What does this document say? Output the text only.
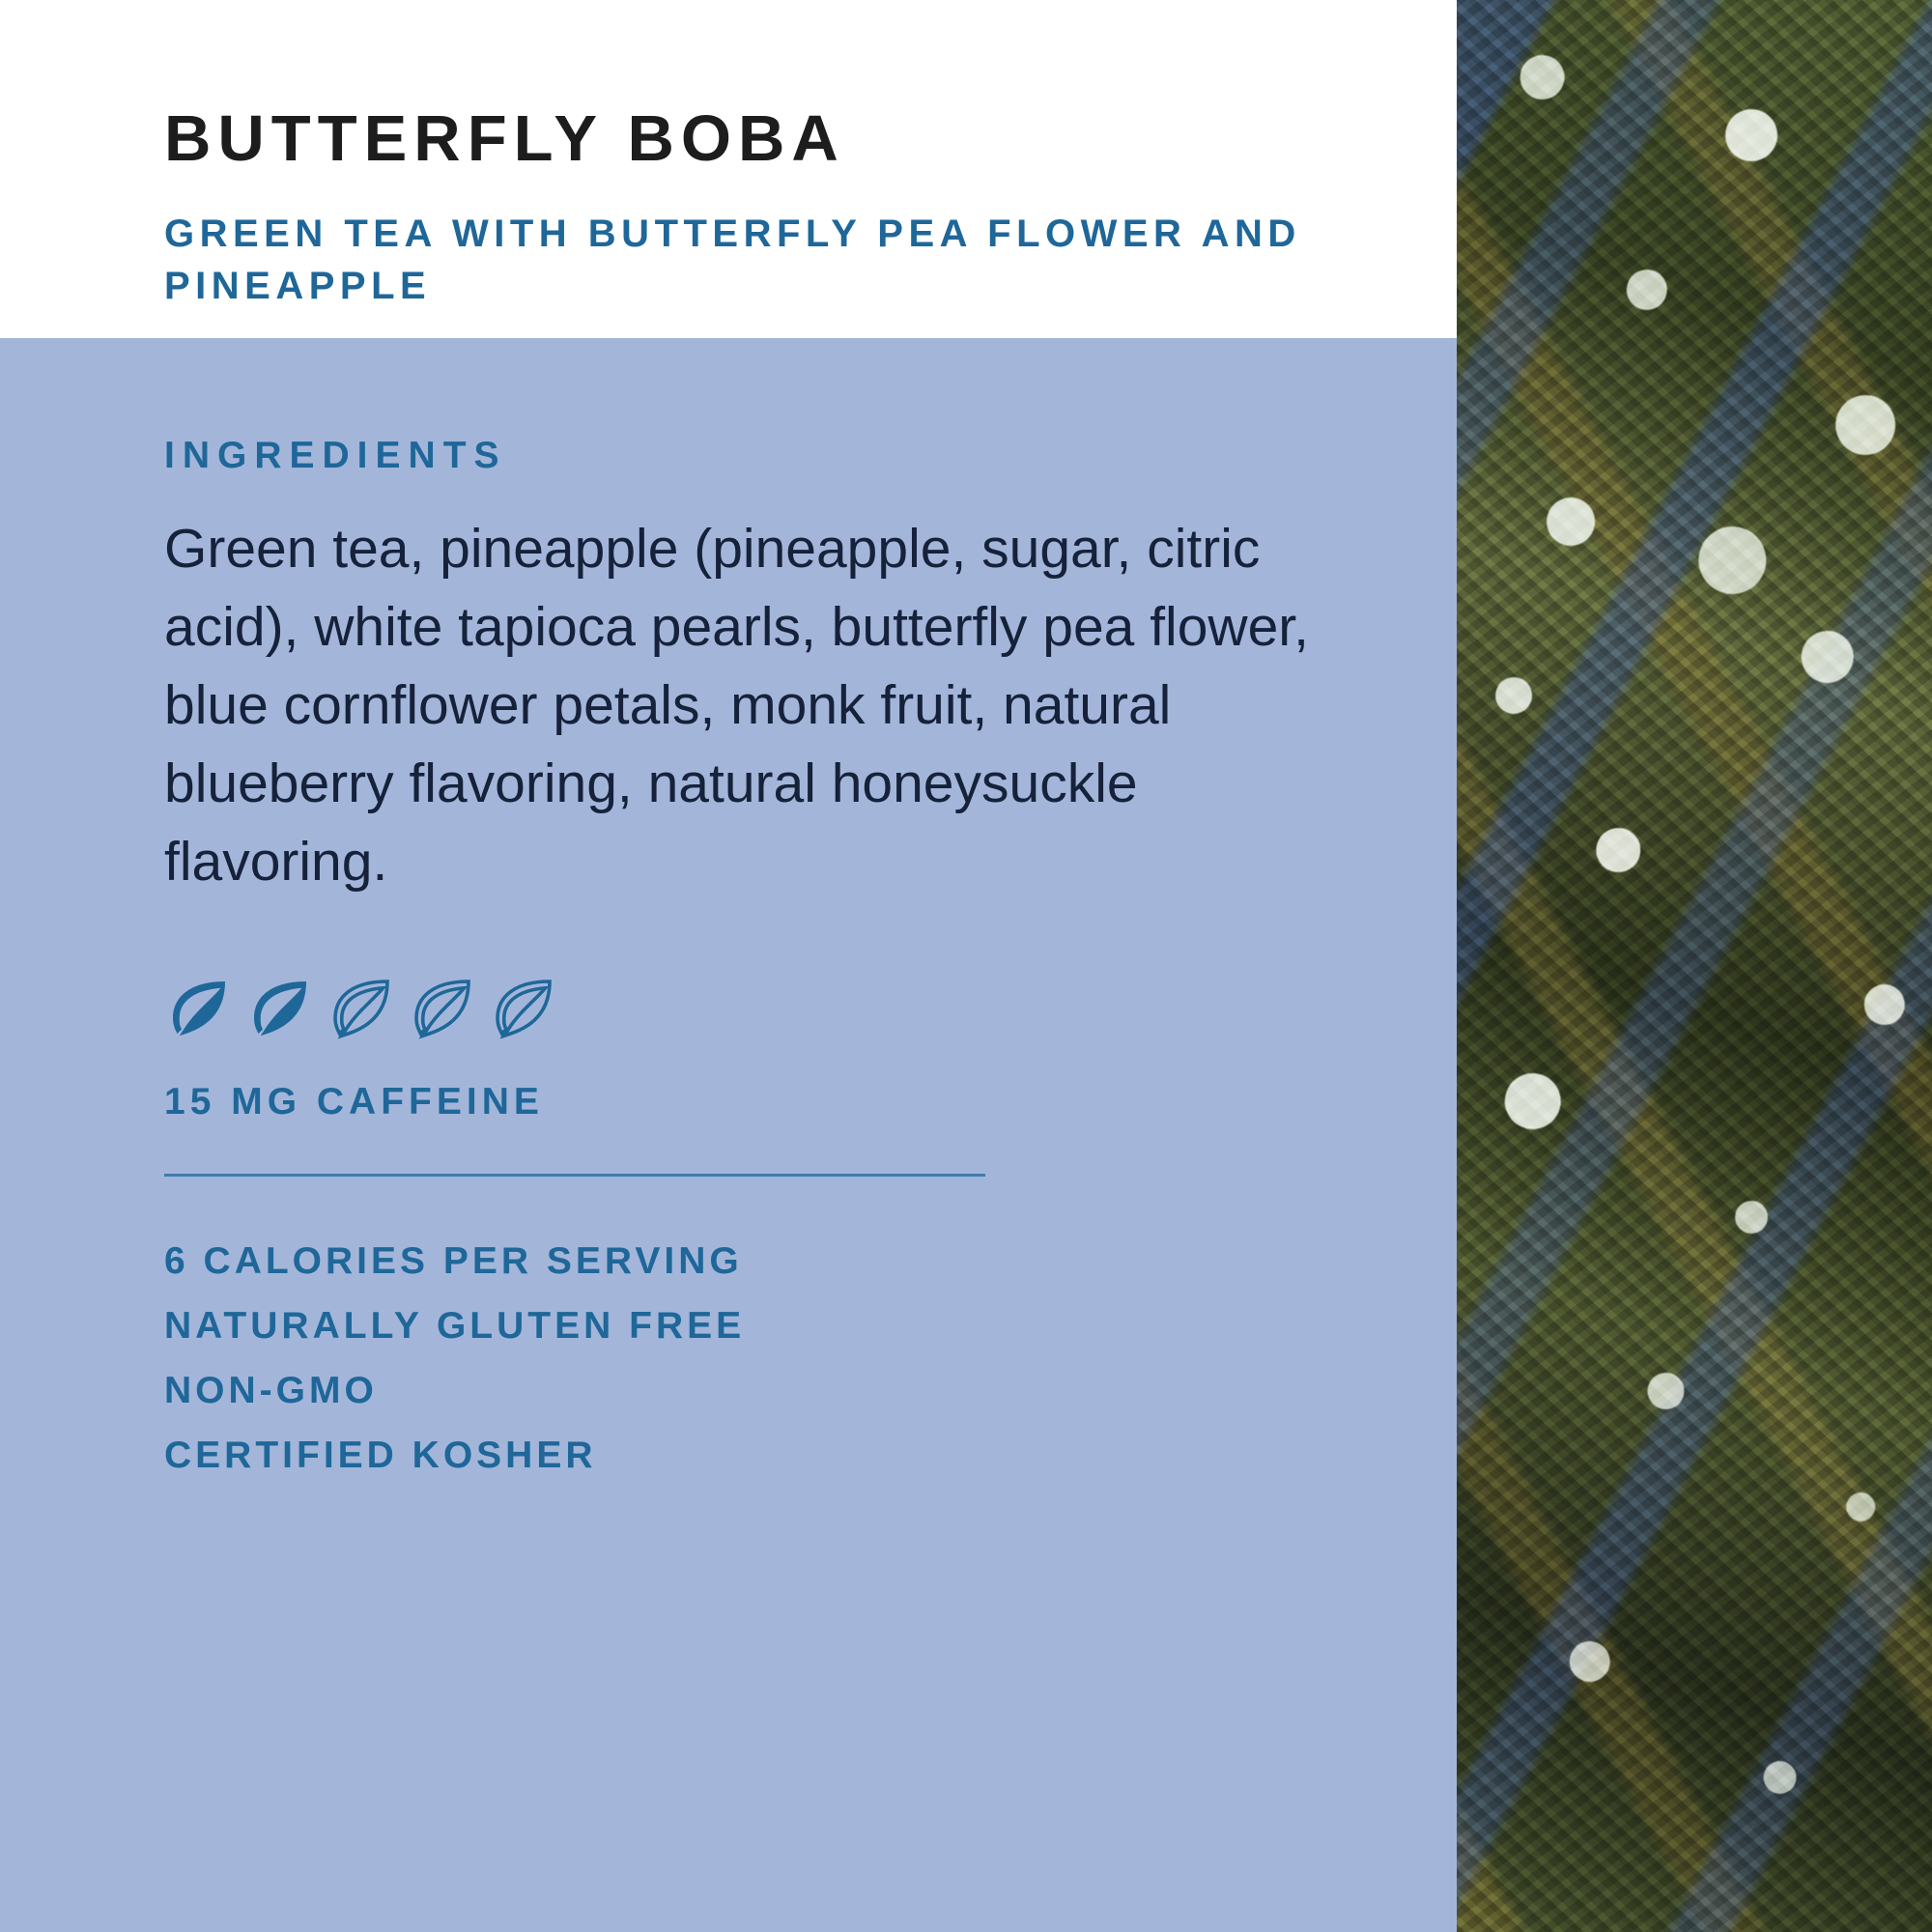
BUTTERFLY BOBA
GREEN TEA WITH BUTTERFLY PEA FLOWER AND PINEAPPLE
INGREDIENTS

Green tea, pineapple (pineapple, sugar, citric acid), white tapioca pearls, butterfly pea flower, blue cornflower petals, monk fruit, natural blueberry flavoring, natural honeysuckle flavoring.

15 MG CAFFEINE
6 CALORIES PER SERVING
NATURALLY GLUTEN FREE
NON-GMO
CERTIFIED KOSHER
